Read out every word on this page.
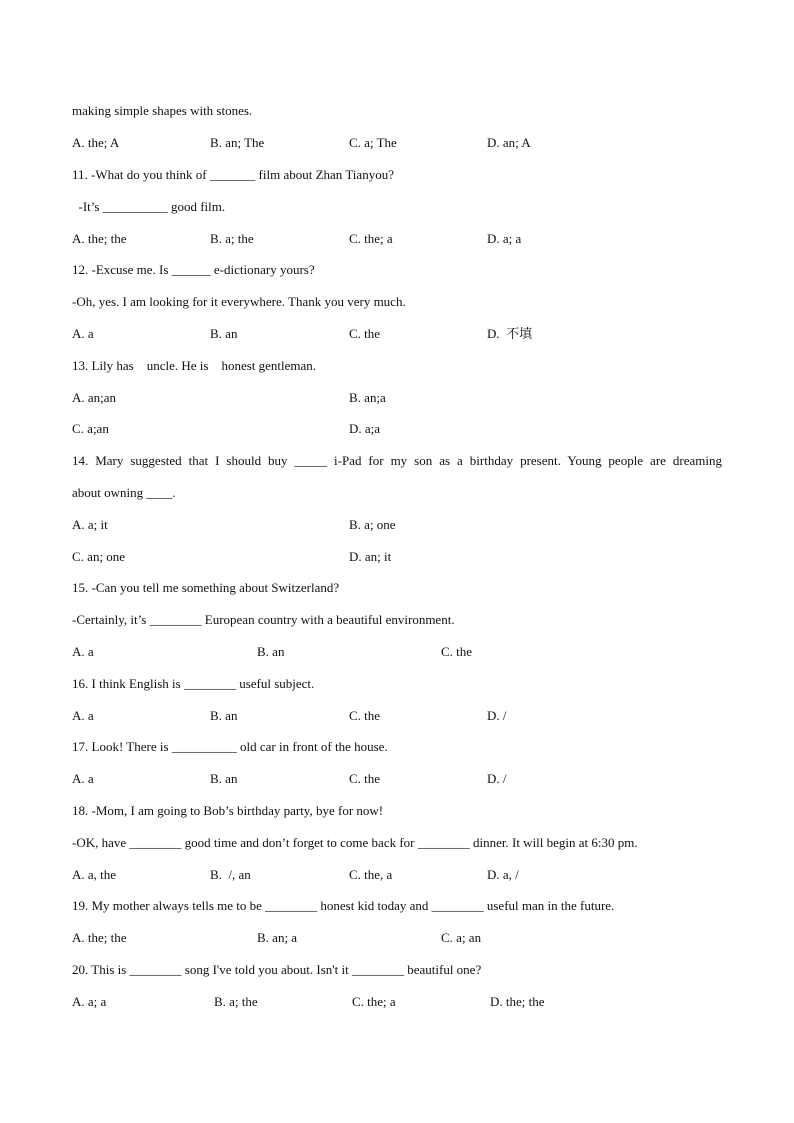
making simple shapes with stones.
A. the; A	B. an; The	C. a; The	D. an; A
11. -What do you think of _______ film about Zhan Tianyou?
-It’s __________ good film.
A. the; the	B. a; the	C. the; a	D. a; a
12. -Excuse me. Is ______ e-dictionary yours?
-Oh, yes. I am looking for it everywhere. Thank you very much.
A. a	B. an	C. the	D.  不填
13. Lily has    uncle. He is    honest gentleman.
A. an;an	B. an;a
C. a;an	D. a;a
14. Mary suggested that I should buy _____ i-Pad for my son as a birthday present. Young people are dreaming
about owning ____.
A. a; it	B. a; one
C. an; one	D. an; it
15. -Can you tell me something about Switzerland?
-Certainly, it’s ________ European country with a beautiful environment.
A. a	B. an	C. the
16. I think English is ________ useful subject.
A. a	B. an	C. the	D. /
17. Look! There is __________ old car in front of the house.
A. a	B. an	C. the	D. /
18. -Mom, I am going to Bob’s birthday party, bye for now!
-OK, have ________ good time and don’t forget to come back for ________ dinner. It will begin at 6:30 pm.
A. a, the	B.  /, an	C. the, a	D. a, /
19. My mother always tells me to be ________ honest kid today and ________ useful man in the future.
A. the; the	B. an; a	C. a; an
20. This is ________ song I've told you about. Isn't it ________ beautiful one?
A. a; a	B. a; the	C. the; a	D. the; the
